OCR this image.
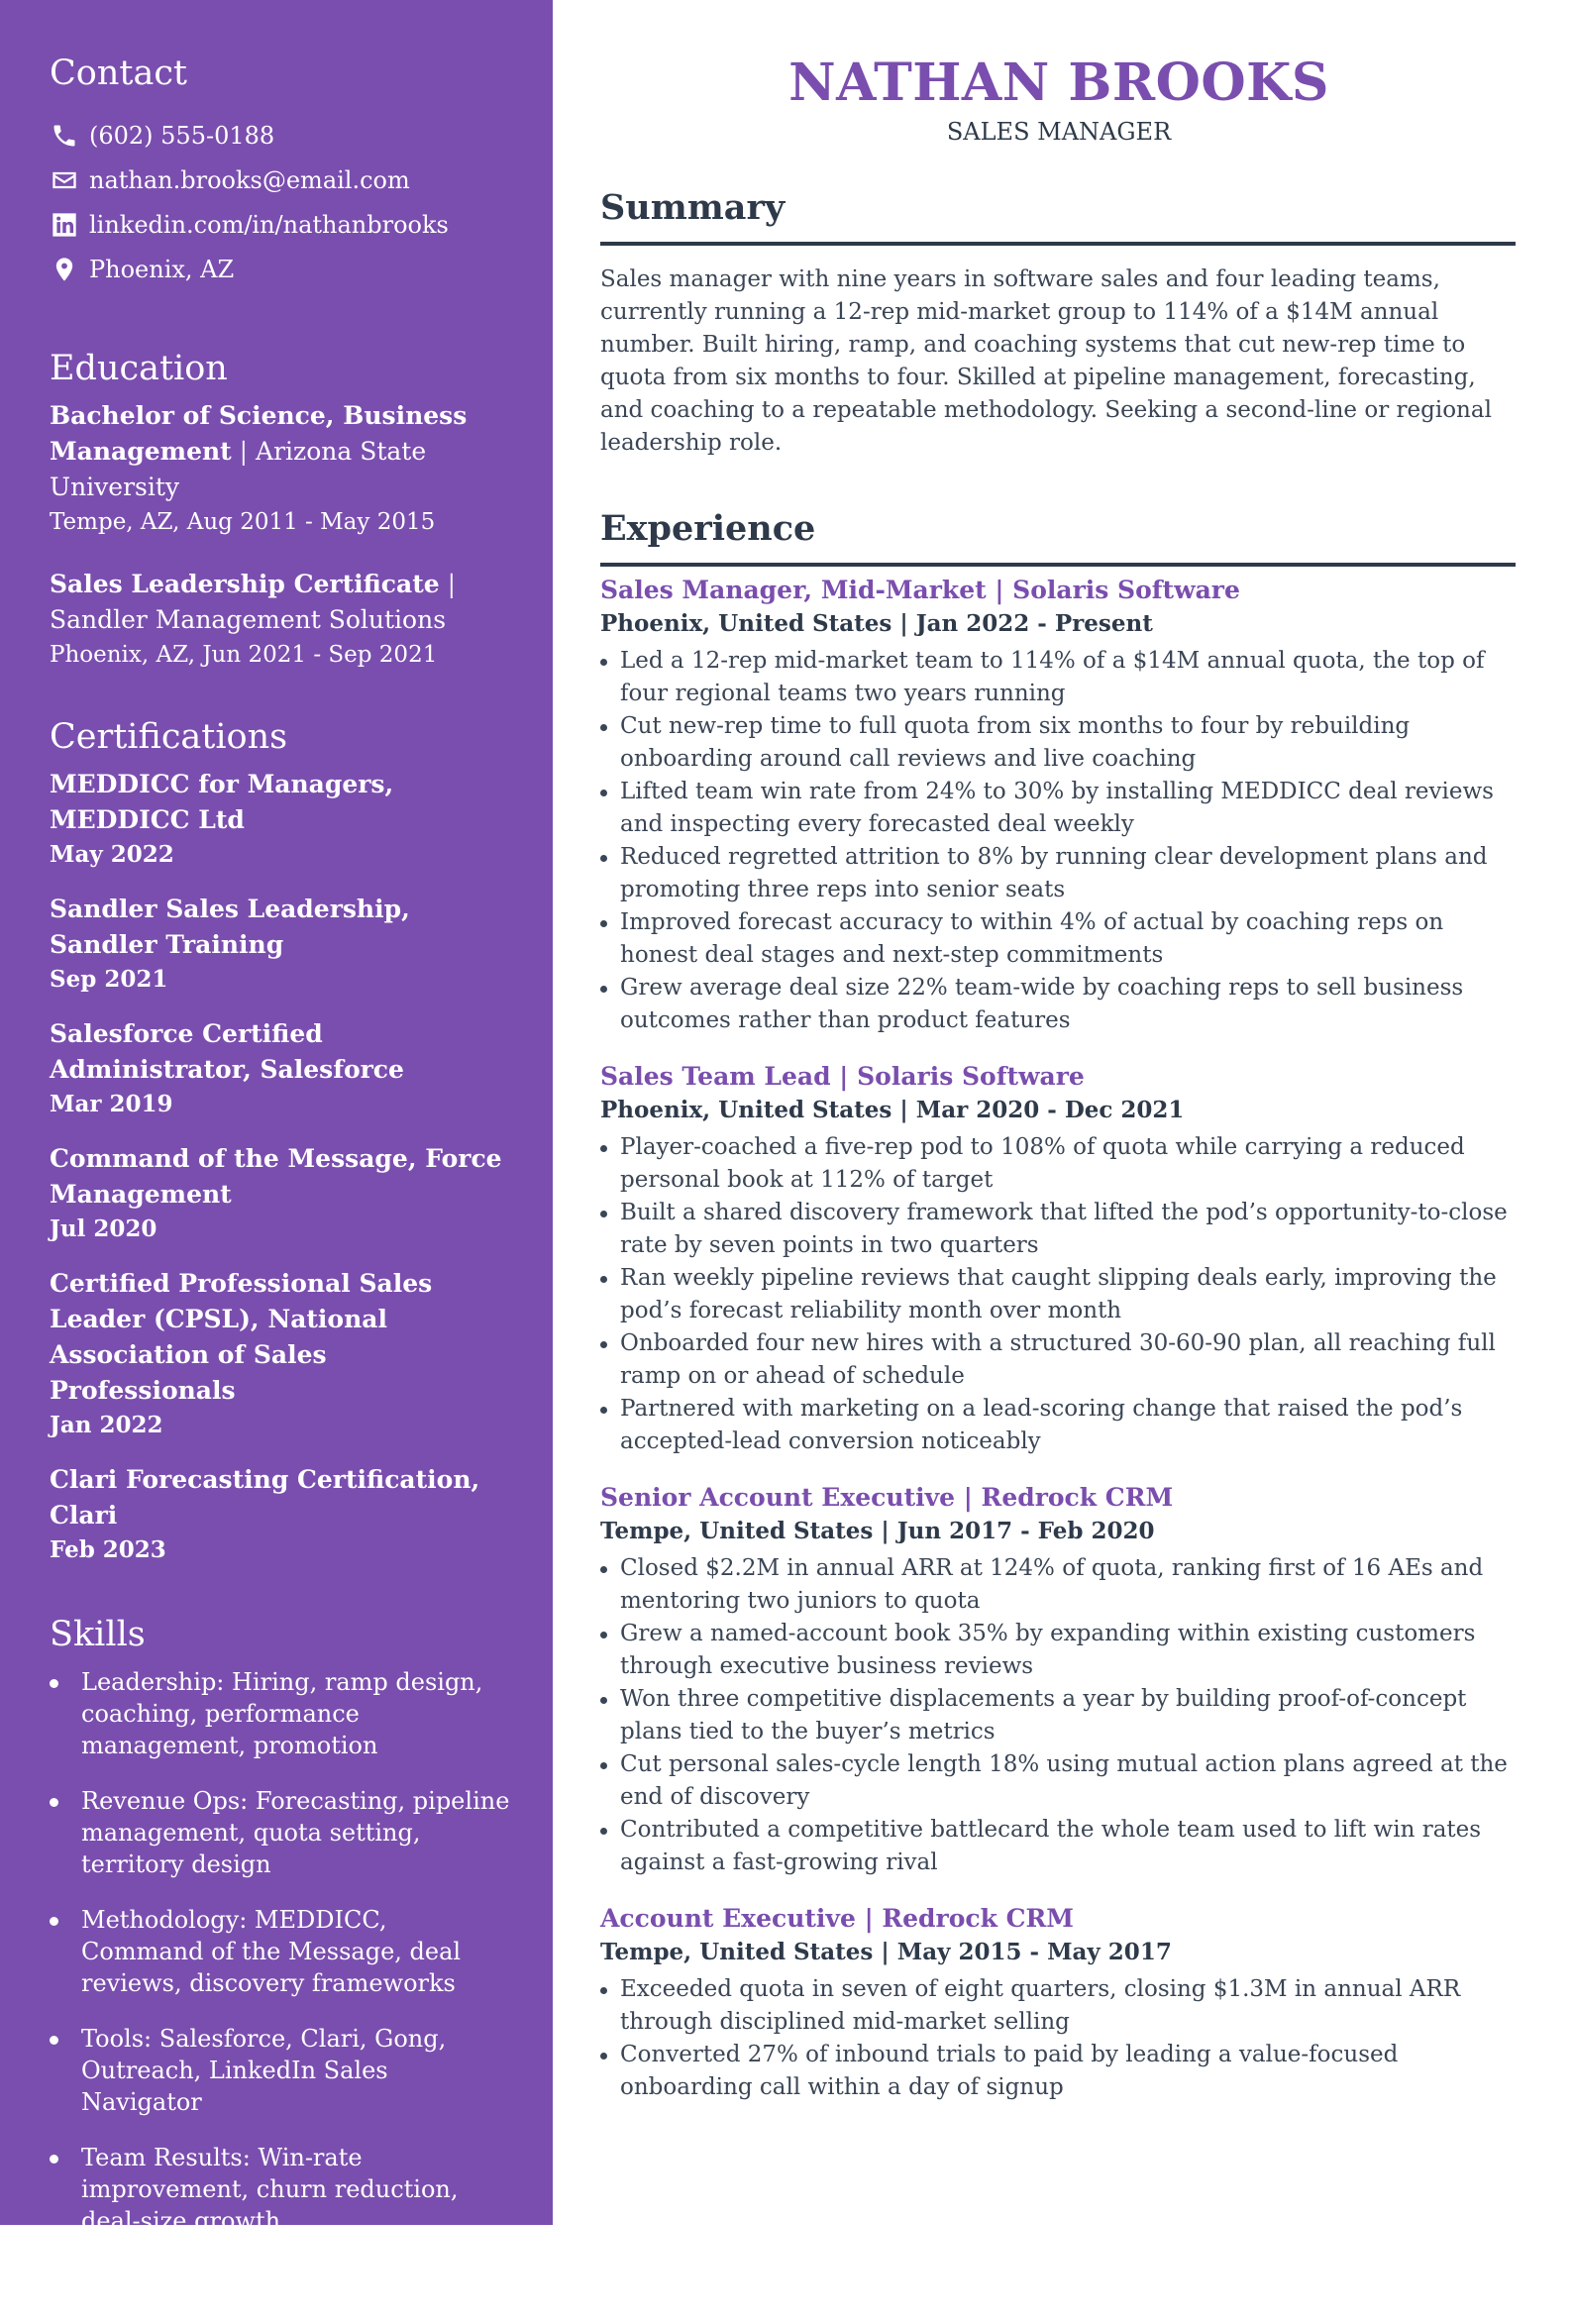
Contact
(602) 555-0188
nathan.brooks@email.com
linkedin.com/in/nathanbrooks
Phoenix, AZ
Education
Bachelor of Science, Business Management | Arizona State University
Tempe, AZ, Aug 2011 - May 2015
Sales Leadership Certificate | Sandler Management Solutions
Phoenix, AZ, Jun 2021 - Sep 2021
Certifications
MEDDICC for Managers, MEDDICC Ltd
May 2022
Sandler Sales Leadership, Sandler Training
Sep 2021
Salesforce Certified Administrator, Salesforce
Mar 2019
Command of the Message, Force Management
Jul 2020
Certified Professional Sales Leader (CPSL), National Association of Sales Professionals
Jan 2022
Clari Forecasting Certification, Clari
Feb 2023
Skills
Leadership: Hiring, ramp design, coaching, performance management, promotion
Revenue Ops: Forecasting, pipeline management, quota setting, territory design
Methodology: MEDDICC, Command of the Message, deal reviews, discovery frameworks
Tools: Salesforce, Clari, Gong, Outreach, LinkedIn Sales Navigator
Team Results: Win-rate improvement, churn reduction, deal-size growth
Segments: SaaS, CRM, mid-market, named accounts
NATHAN BROOKS
SALES MANAGER
Summary

Sales manager with nine years in software sales and four leading teams, currently running a 12-rep mid-market group to 114% of a $14M annual number. Built hiring, ramp, and coaching systems that cut new-rep time to quota from six months to four. Skilled at pipeline management, forecasting, and coaching to a repeatable methodology. Seeking a second-line or regional leadership role.

Experience
Sales Manager, Mid-Market | Solaris Software
Phoenix, United States | Jan 2022 - Present
Led a 12-rep mid-market team to 114% of a $14M annual quota, the top of four regional teams two years running
Cut new-rep time to full quota from six months to four by rebuilding onboarding around call reviews and live coaching
Lifted team win rate from 24% to 30% by installing MEDDICC deal reviews and inspecting every forecasted deal weekly
Reduced regretted attrition to 8% by running clear development plans and promoting three reps into senior seats
Improved forecast accuracy to within 4% of actual by coaching reps on honest deal stages and next-step commitments
Grew average deal size 22% team-wide by coaching reps to sell business outcomes rather than product features
Sales Team Lead | Solaris Software
Phoenix, United States | Mar 2020 - Dec 2021
Player-coached a five-rep pod to 108% of quota while carrying a reduced personal book at 112% of target
Built a shared discovery framework that lifted the pod’s opportunity-to-close rate by seven points in two quarters
Ran weekly pipeline reviews that caught slipping deals early, improving the pod’s forecast reliability month over month
Onboarded four new hires with a structured 30-60-90 plan, all reaching full ramp on or ahead of schedule
Partnered with marketing on a lead-scoring change that raised the pod’s accepted-lead conversion noticeably
Senior Account Executive | Redrock CRM
Tempe, United States | Jun 2017 - Feb 2020
Closed $2.2M in annual ARR at 124% of quota, ranking first of 16 AEs and mentoring two juniors to quota
Grew a named-account book 35% by expanding within existing customers through executive business reviews
Won three competitive displacements a year by building proof-of-concept plans tied to the buyer’s metrics
Cut personal sales-cycle length 18% using mutual action plans agreed at the end of discovery
Contributed a competitive battlecard the whole team used to lift win rates against a fast-growing rival
Account Executive | Redrock CRM
Tempe, United States | May 2015 - May 2017
Exceeded quota in seven of eight quarters, closing $1.3M in annual ARR through disciplined mid-market selling
Converted 27% of inbound trials to paid by leading a value-focused onboarding call within a day of signup
